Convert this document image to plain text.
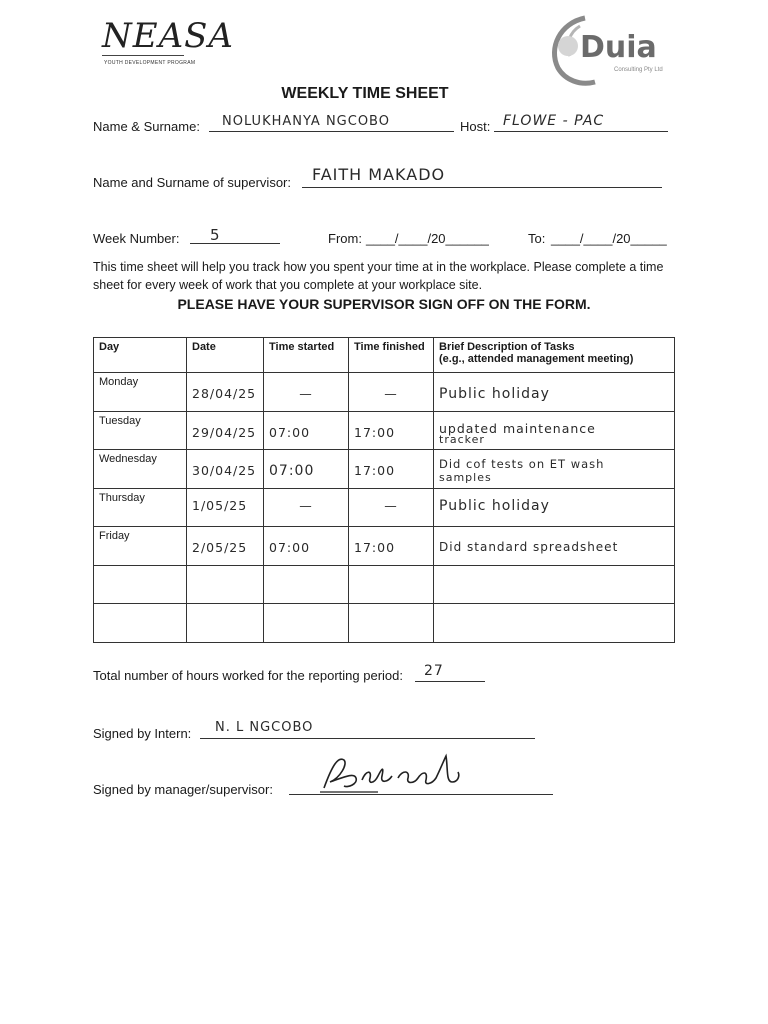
NEASA
YOUTH DEVELOPMENT PROGRAM	Duia
Consulting Pty Ltd
WEEKLY TIME SHEET
Name & Surname: NOLUKHANYA NGCOBO	Host: FLOWE - PAC
Name and Surname of supervisor: FAITH MAKADO
Week Number: 5	From: ____/____/20______	To: ____/____/20_____
This time sheet will help you track how you spent your time at in the workplace. Please complete a time sheet for every week of work that you complete at your workplace site.
PLEASE HAVE YOUR SUPERVISOR SIGN OFF ON THE FORM.
Day	Date	Time started	Time finished	Brief Description of Tasks
(e.g., attended management meeting)

Monday	28/04/25	—	—	Public holiday

Tuesday	29/04/25	07:00	17:00	updated maintenance
tracker

Wednesday	30/04/25	07:00	17:00	Did cof tests on ET wash
samples

Thursday	1/05/25	—	—	Public holiday

Friday	2/05/25	07:00	17:00	Did standard spreadsheet

Total number of hours worked for the reporting period: 27
Signed by Intern: N. L NGCOBO
Signed by manager/supervisor:
